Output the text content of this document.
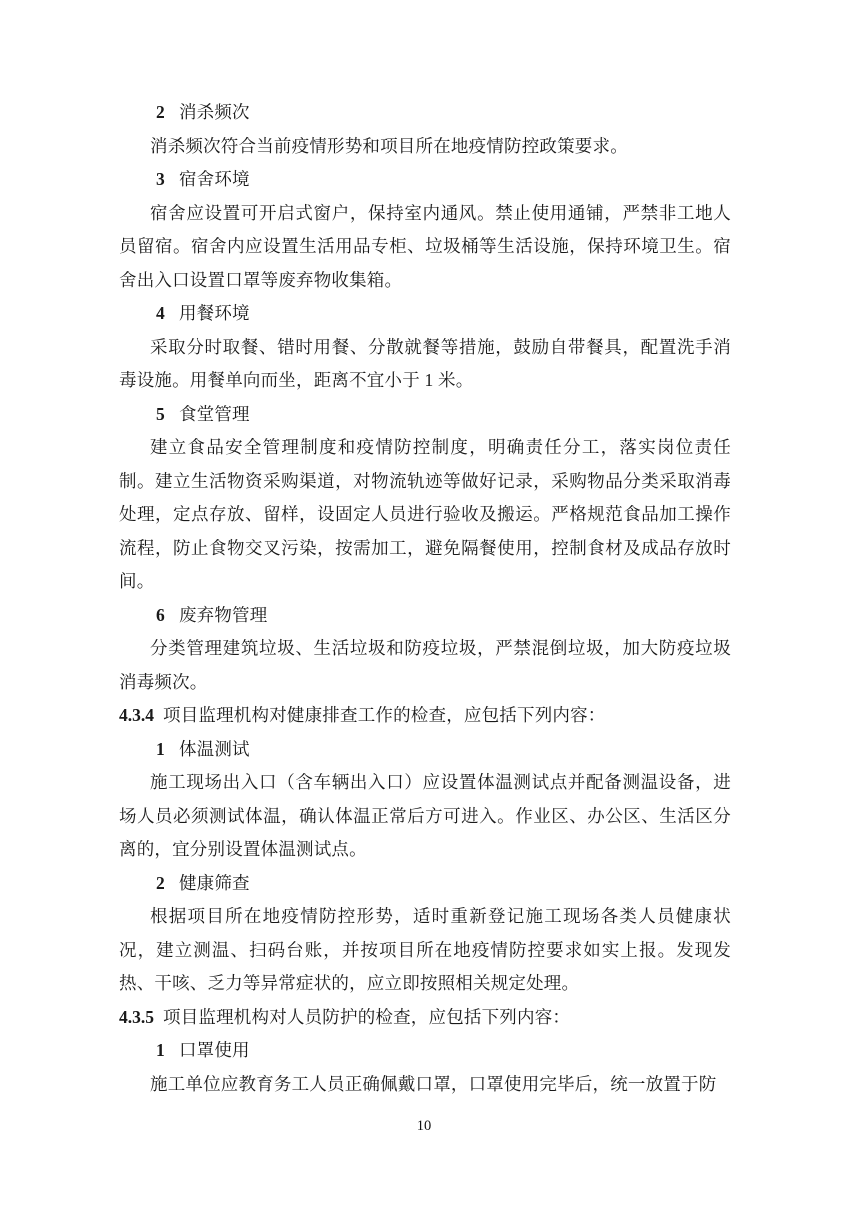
2 消杀频次

消杀频次符合当前疫情形势和项目所在地疫情防控政策要求。

3 宿舍环境

宿舍应设置可开启式窗户，保持室内通风。禁止使用通铺，严禁非工地人员留宿。宿舍内应设置生活用品专柜、垃圾桶等生活设施，保持环境卫生。宿舍出入口设置口罩等废弃物收集箱。

4 用餐环境

采取分时取餐、错时用餐、分散就餐等措施，鼓励自带餐具，配置洗手消毒设施。用餐单向而坐，距离不宜小于 1 米。

5 食堂管理

建立食品安全管理制度和疫情防控制度，明确责任分工，落实岗位责任制。建立生活物资采购渠道，对物流轨迹等做好记录，采购物品分类采取消毒处理，定点存放、留样，设固定人员进行验收及搬运。严格规范食品加工操作流程，防止食物交叉污染，按需加工，避免隔餐使用，控制食材及成品存放时间。

6 废弃物管理

分类管理建筑垃圾、生活垃圾和防疫垃圾，严禁混倒垃圾，加大防疫垃圾消毒频次。

4.3.4 项目监理机构对健康排查工作的检查，应包括下列内容：

1 体温测试

施工现场出入口（含车辆出入口）应设置体温测试点并配备测温设备，进场人员必须测试体温，确认体温正常后方可进入。作业区、办公区、生活区分离的，宜分别设置体温测试点。

2 健康筛查

根据项目所在地疫情防控形势，适时重新登记施工现场各类人员健康状况，建立测温、扫码台账，并按项目所在地疫情防控要求如实上报。发现发热、干咳、乏力等异常症状的，应立即按照相关规定处理。

4.3.5 项目监理机构对人员防护的检查，应包括下列内容：

1 口罩使用

施工单位应教育务工人员正确佩戴口罩，口罩使用完毕后，统一放置于防

10
